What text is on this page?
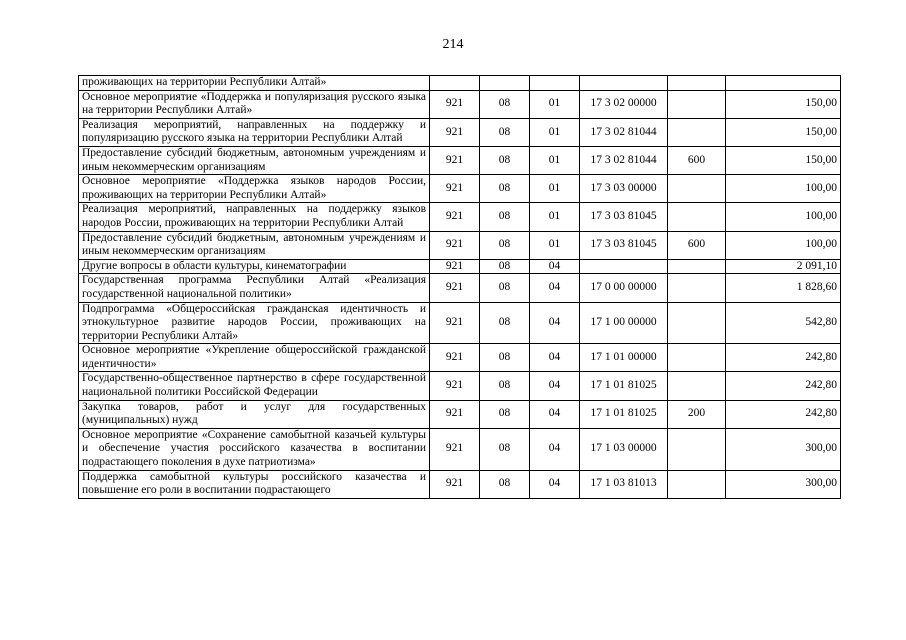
214
проживающих на территории Республики Алтай»						
Основное мероприятие «Поддержка и популяризация русского языка на территории Республики Алтай»	921	08	01	17 3 02 00000		150,00
Реализация мероприятий, направленных на поддержку и популяризацию русского языка на территории Республики Алтай	921	08	01	17 3 02 81044		150,00
Предоставление субсидий бюджетным, автономным учреждениям и иным некоммерческим организациям	921	08	01	17 3 02 81044	600	150,00
Основное мероприятие «Поддержка языков народов России, проживающих на территории Республики Алтай»	921	08	01	17 3 03 00000		100,00
Реализация мероприятий, направленных на поддержку языков народов России, проживающих на территории Республики Алтай	921	08	01	17 3 03 81045		100,00
Предоставление субсидий бюджетным, автономным учреждениям и иным некоммерческим организациям	921	08	01	17 3 03 81045	600	100,00
Другие вопросы в области культуры, кинематографии	921	08	04			2 091,10
Государственная программа Республики Алтай «Реализация государственной национальной политики»	921	08	04	17 0 00 00000		1 828,60
Подпрограмма «Общероссийская гражданская идентичность и этнокультурное развитие народов России, проживающих на территории Республики Алтай»	921	08	04	17 1 00 00000		542,80
Основное мероприятие «Укрепление общероссийской гражданской идентичности»	921	08	04	17 1 01 00000		242,80
Государственно-общественное партнерство в сфере государственной национальной политики Российской Федерации	921	08	04	17 1 01 81025		242,80
Закупка товаров, работ и услуг для государственных (муниципальных) нужд	921	08	04	17 1 01 81025	200	242,80
Основное мероприятие «Сохранение самобытной казачьей культуры и обеспечение участия российского казачества в воспитании подрастающего поколения в духе патриотизма»	921	08	04	17 1 03 00000		300,00
Поддержка самобытной культуры российского казачества и повышение его роли в воспитании подрастающего	921	08	04	17 1 03 81013		300,00
